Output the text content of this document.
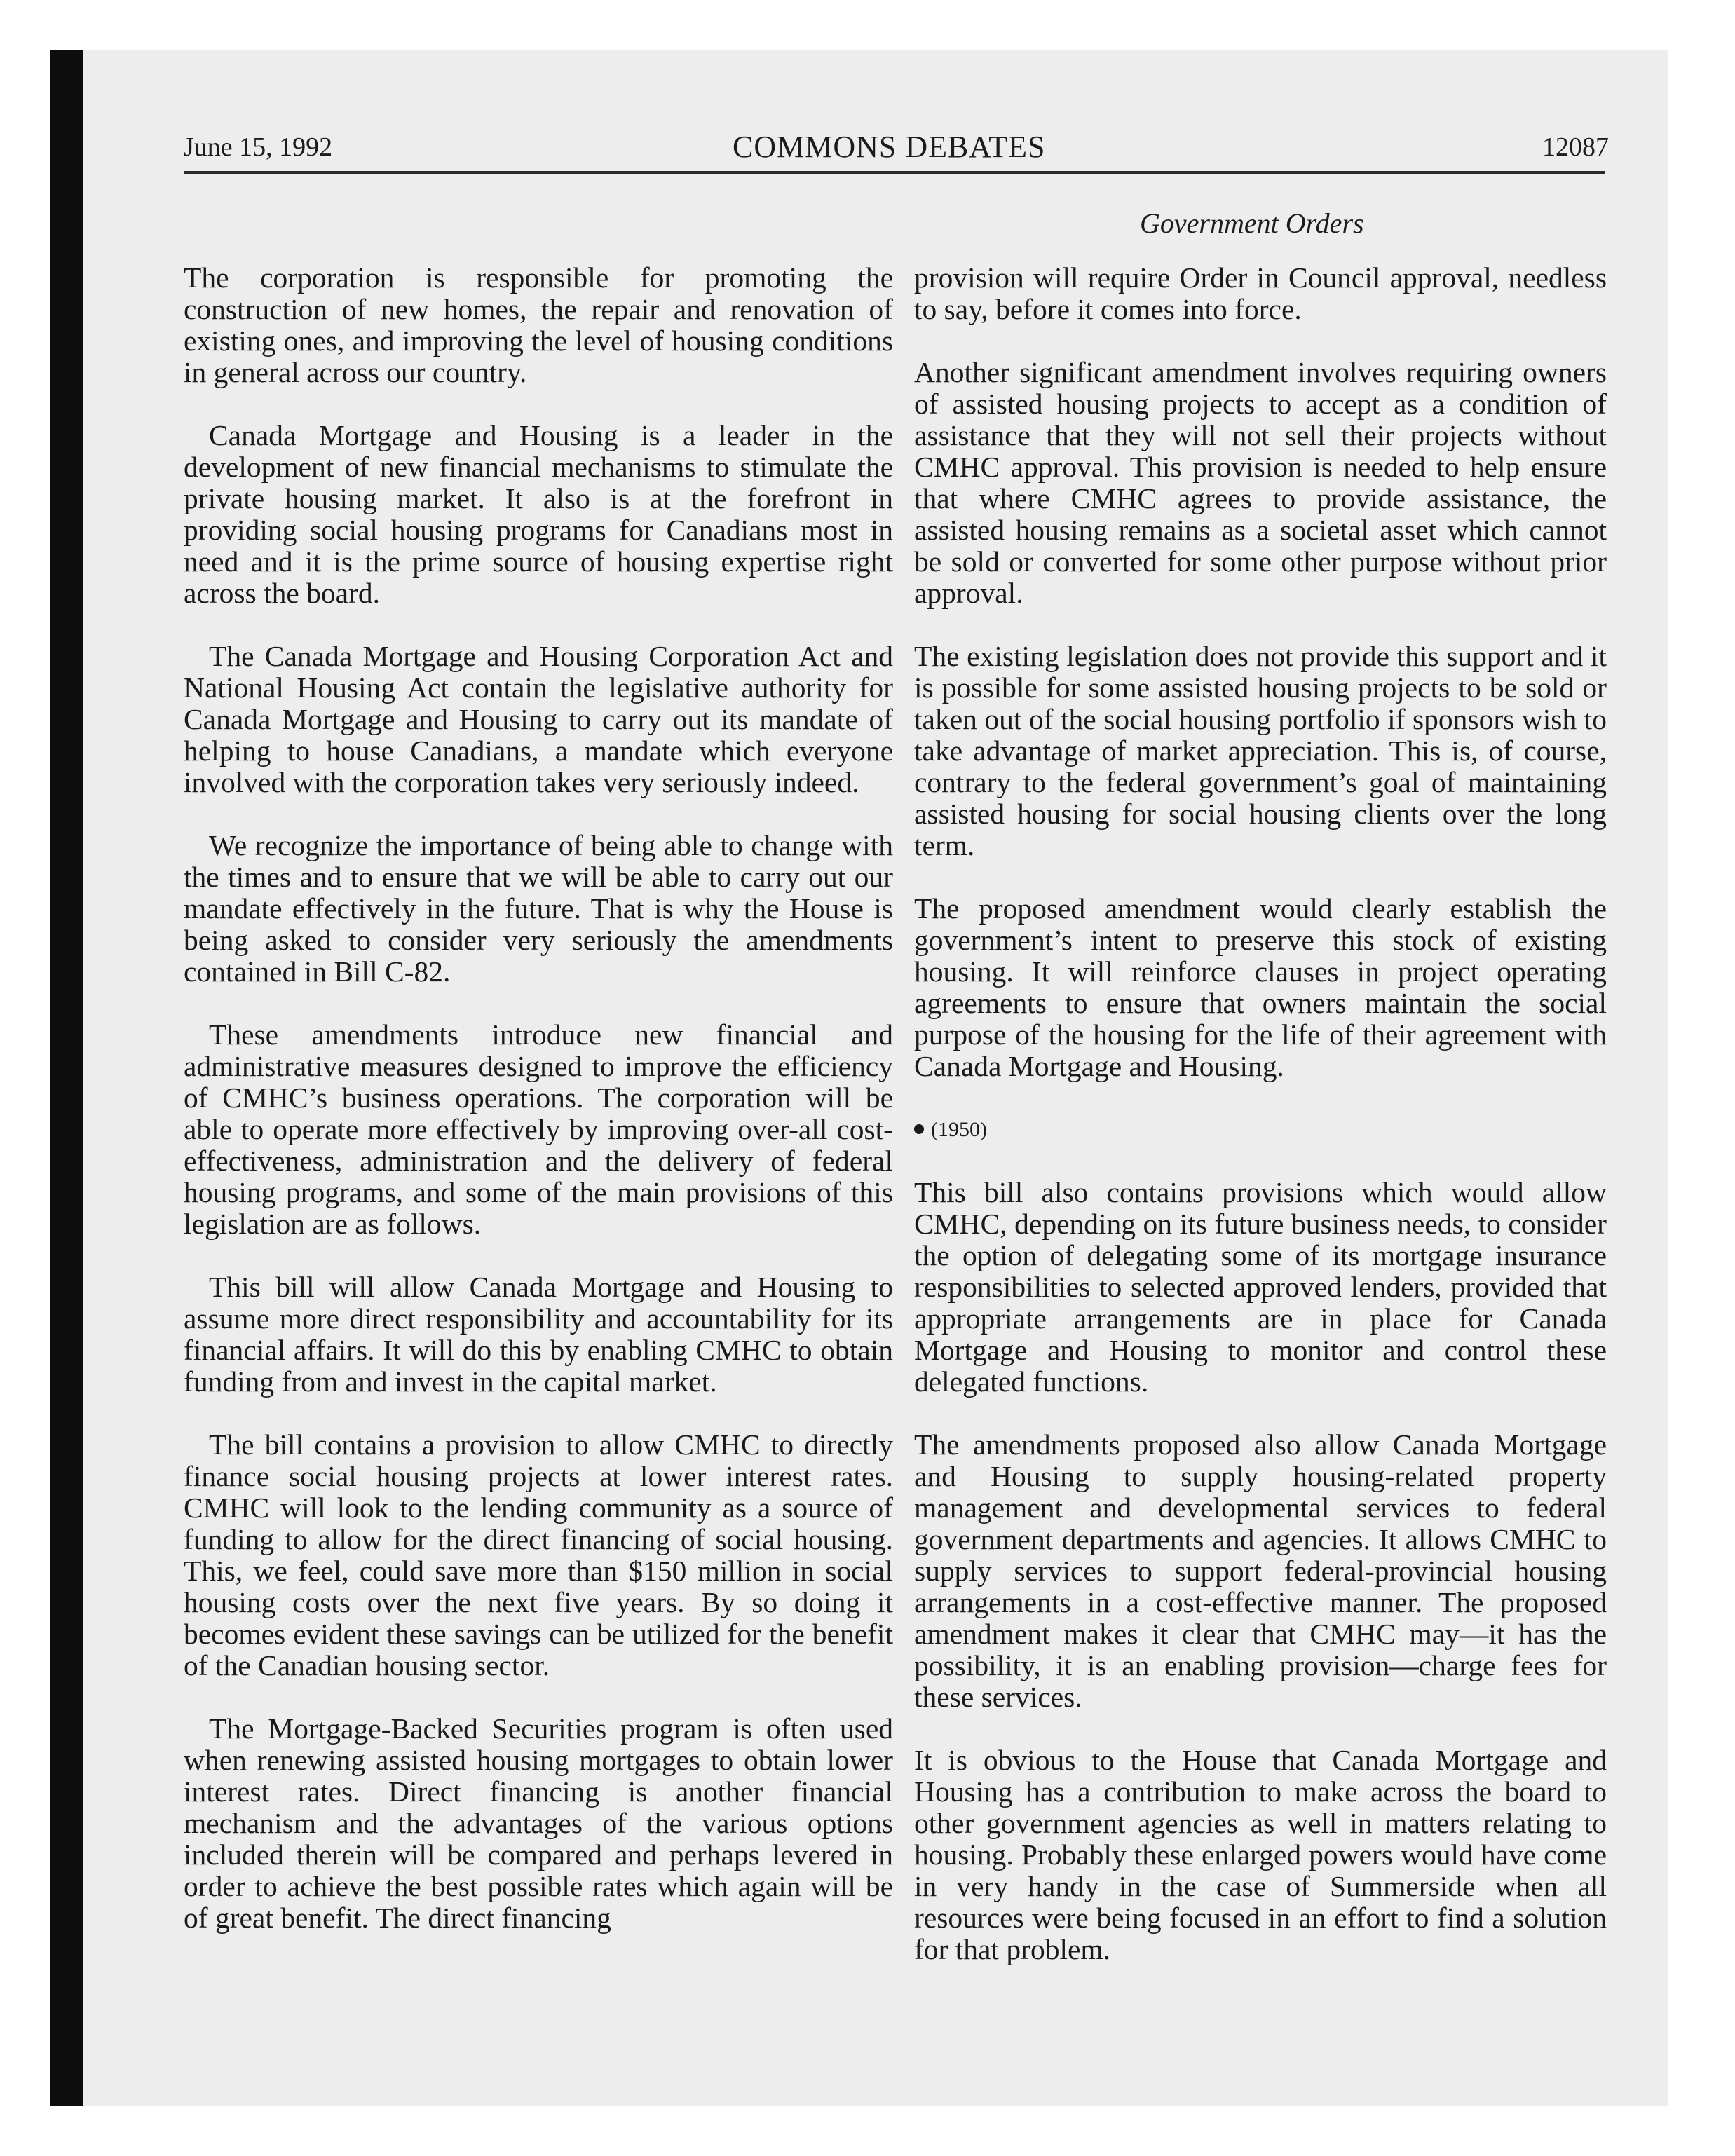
June 15, 1992	COMMONS DEBATES	12087
Government Orders

The corporation is responsible for promoting the construction of new homes, the repair and renovation of existing ones, and improving the level of housing conditions in general across our country.

Canada Mortgage and Housing is a leader in the development of new financial mechanisms to stimulate the private housing market. It also is at the forefront in providing social housing programs for Canadians most in need and it is the prime source of housing expertise right across the board.

The Canada Mortgage and Housing Corporation Act and National Housing Act contain the legislative authority for Canada Mortgage and Housing to carry out its mandate of helping to house Canadians, a mandate which everyone involved with the corporation takes very seriously indeed.

We recognize the importance of being able to change with the times and to ensure that we will be able to carry out our mandate effectively in the future. That is why the House is being asked to consider very seriously the amendments contained in Bill C-82.

These amendments introduce new financial and administrative measures designed to improve the efficiency of CMHC’s business operations. The corporation will be able to operate more effectively by improving over-all cost-effectiveness, administration and the delivery of federal housing programs, and some of the main provisions of this legislation are as follows.

This bill will allow Canada Mortgage and Housing to assume more direct responsibility and accountability for its financial affairs. It will do this by enabling CMHC to obtain funding from and invest in the capital market.

The bill contains a provision to allow CMHC to directly finance social housing projects at lower interest rates. CMHC will look to the lending community as a source of funding to allow for the direct financing of social housing. This, we feel, could save more than $150 million in social housing costs over the next five years. By so doing it becomes evident these savings can be utilized for the benefit of the Canadian housing sector.

The Mortgage-Backed Securities program is often used when renewing assisted housing mortgages to obtain lower interest rates. Direct financing is another financial mechanism and the advantages of the various options included therein will be compared and perhaps levered in order to achieve the best possible rates which again will be of great benefit. The direct financing

provision will require Order in Council approval, needless to say, before it comes into force.

Another significant amendment involves requiring owners of assisted housing projects to accept as a condition of assistance that they will not sell their projects without CMHC approval. This provision is needed to help ensure that where CMHC agrees to provide assistance, the assisted housing remains as a societal asset which cannot be sold or converted for some other purpose without prior approval.

The existing legislation does not provide this support and it is possible for some assisted housing projects to be sold or taken out of the social housing portfolio if sponsors wish to take advantage of market appreciation. This is, of course, contrary to the federal government’s goal of maintaining assisted housing for social housing clients over the long term.

The proposed amendment would clearly establish the government’s intent to preserve this stock of existing housing. It will reinforce clauses in project operating agreements to ensure that owners maintain the social purpose of the housing for the life of their agreement with Canada Mortgage and Housing.

(1950)

This bill also contains provisions which would allow CMHC, depending on its future business needs, to consider the option of delegating some of its mortgage insurance responsibilities to selected approved lenders, provided that appropriate arrangements are in place for Canada Mortgage and Housing to monitor and control these delegated functions.

The amendments proposed also allow Canada Mortgage and Housing to supply housing-related property management and developmental services to federal government departments and agencies. It allows CMHC to supply services to support federal-provincial housing arrangements in a cost-effective manner. The proposed amendment makes it clear that CMHC may—it has the possibility, it is an enabling provision—charge fees for these services.

It is obvious to the House that Canada Mortgage and Housing has a contribution to make across the board to other government agencies as well in matters relating to housing. Probably these enlarged powers would have come in very handy in the case of Summerside when all resources were being focused in an effort to find a solution for that problem.
